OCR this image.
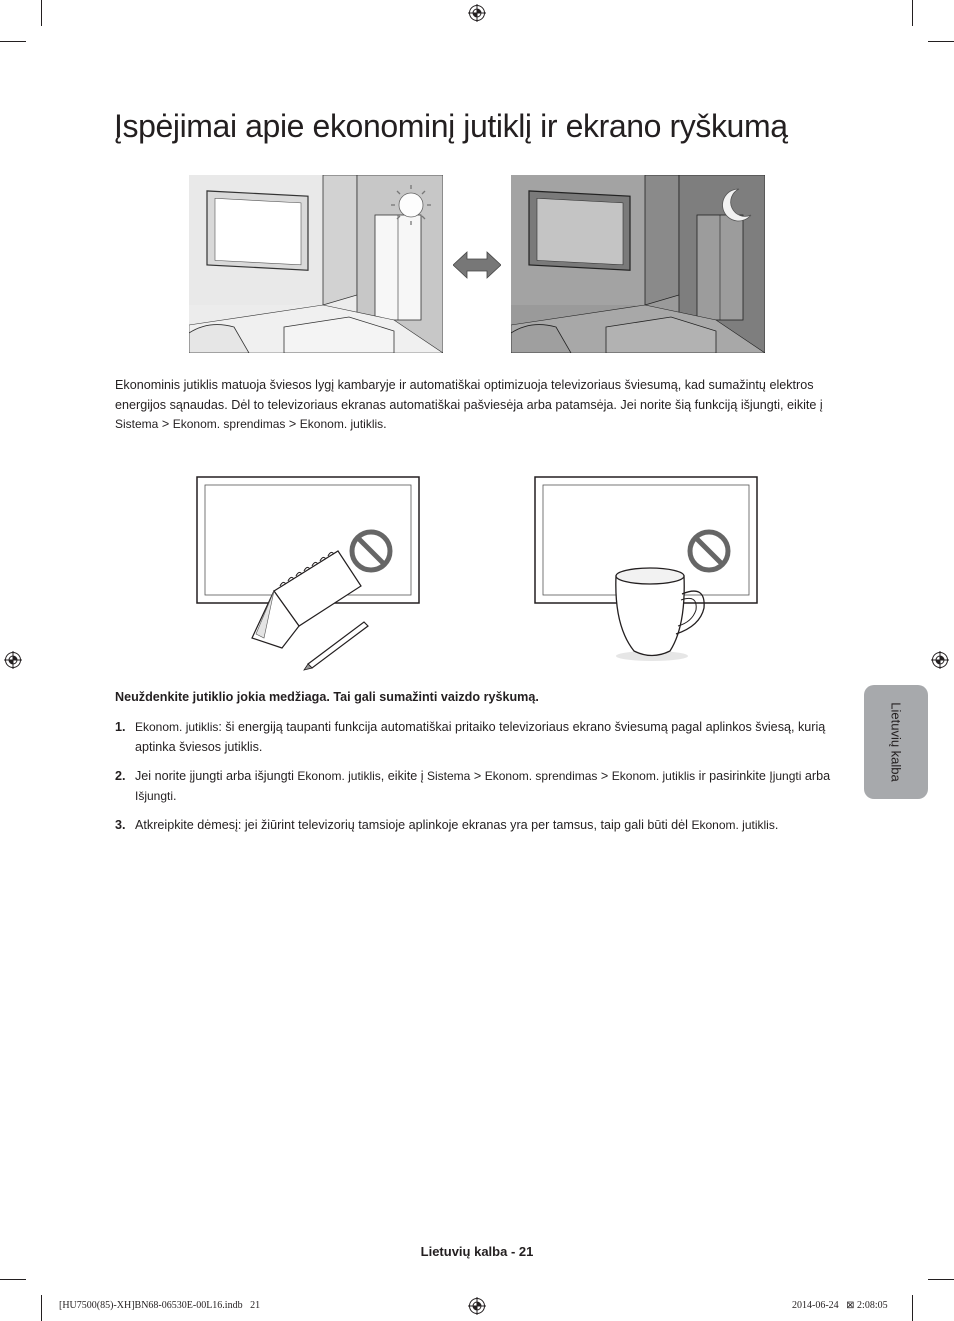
Įspėjimai apie ekonominį jutiklį ir ekrano ryškumą

Ekonominis jutiklis matuoja šviesos lygį kambaryje ir automatiškai optimizuoja televizoriaus šviesumą, kad sumažintų elektros energijos sąnaudas. Dėl to televizoriaus ekranas automatiškai pašviesėja arba patamsėja. Jei norite šią funkciją išjungti, eikite į Sistema > Ekonom. sprendimas > Ekonom. jutiklis.

Neuždenkite jutiklio jokia medžiaga. Tai gali sumažinti vaizdo ryškumą.
1. Ekonom. jutiklis: ši energiją taupanti funkcija automatiškai pritaiko televizoriaus ekrano šviesumą pagal aplinkos šviesą, kurią aptinka šviesos jutiklis.
2. Jei norite įjungti arba išjungti Ekonom. jutiklis, eikite į Sistema > Ekonom. sprendimas > Ekonom. jutiklis ir pasirinkite Įjungti arba Išjungti.
3. Atkreipkite dėmesį: jei žiūrint televizorių tamsioje aplinkoje ekranas yra per tamsus, taip gali būti dėl Ekonom. jutiklis.
Lietuvių kalba
Lietuvių kalba - 21
[HU7500(85)-XH]BN68-06530E-00L16.indb   21	2014-06-24   ⊠ 2:08:05
